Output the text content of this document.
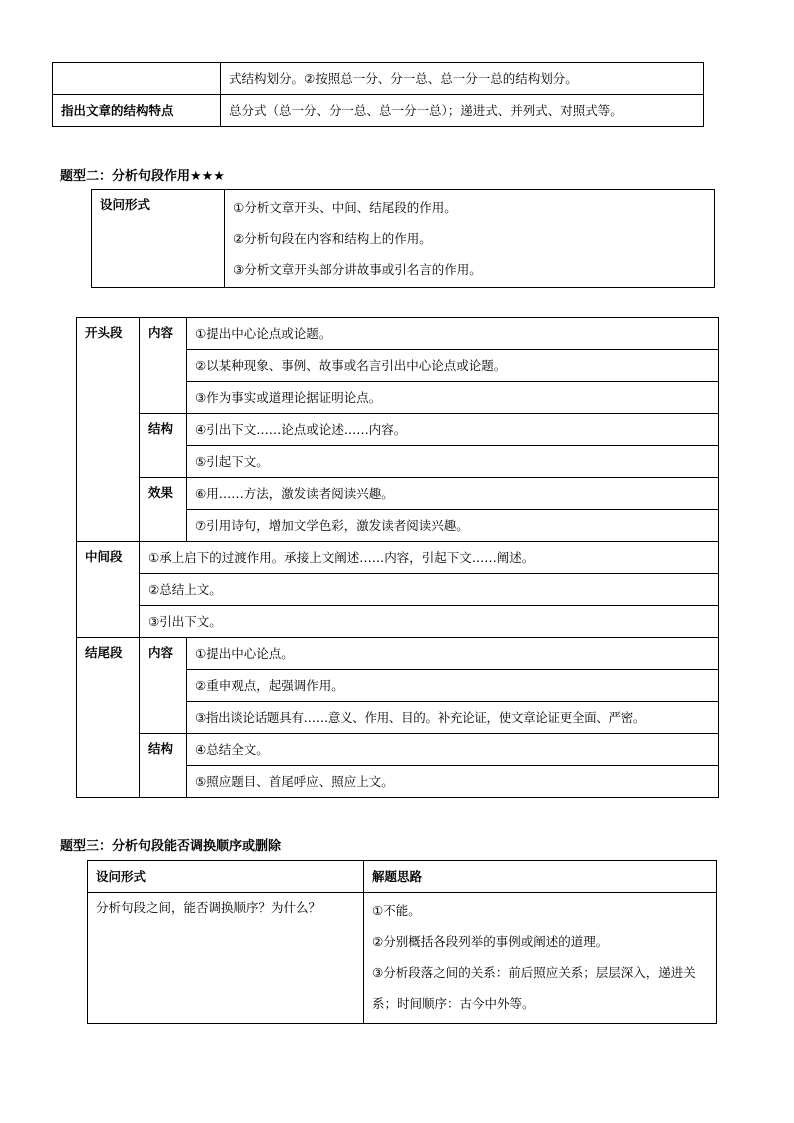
	式结构划分。②按照总一分、分一总、总一分一总的结构划分。
指出文章的结构特点	总分式（总一分、分一总、总一分一总）；递进式、并列式、对照式等。
题型二：分析句段作用★★★
设问形式	①分析文章开头、中间、结尾段的作用。
②分析句段在内容和结构上的作用。
③分析文章开头部分讲故事或引名言的作用。
开头段	内容	①提出中心论点或论题。
		②以某种现象、事例、故事或名言引出中心论点或论题。
		③作为事实或道理论据证明论点。
	结构	④引出下文……论点或论述……内容。
		⑤引起下文。
	效果	⑥用……方法，激发读者阅读兴趣。
		⑦引用诗句，增加文学色彩，激发读者阅读兴趣。
中间段	①承上启下的过渡作用。承接上文阐述……内容，引起下文……阐述。	
	②总结上文。	
	③引出下文。	
结尾段	内容	①提出中心论点。
		②重申观点，起强调作用。
		③指出谈论话题具有……意义、作用、目的。补充论证，使文章论证更全面、严密。
	结构	④总结全文。
		⑤照应题目、首尾呼应、照应上文。
题型三：分析句段能否调换顺序或删除
设问形式	解题思路
分析句段之间，能否调换顺序？为什么？	①不能。
②分别概括各段列举的事例或阐述的道理。
③分析段落之间的关系：前后照应关系；层层深入，递进关系；时间顺序：古今中外等。
